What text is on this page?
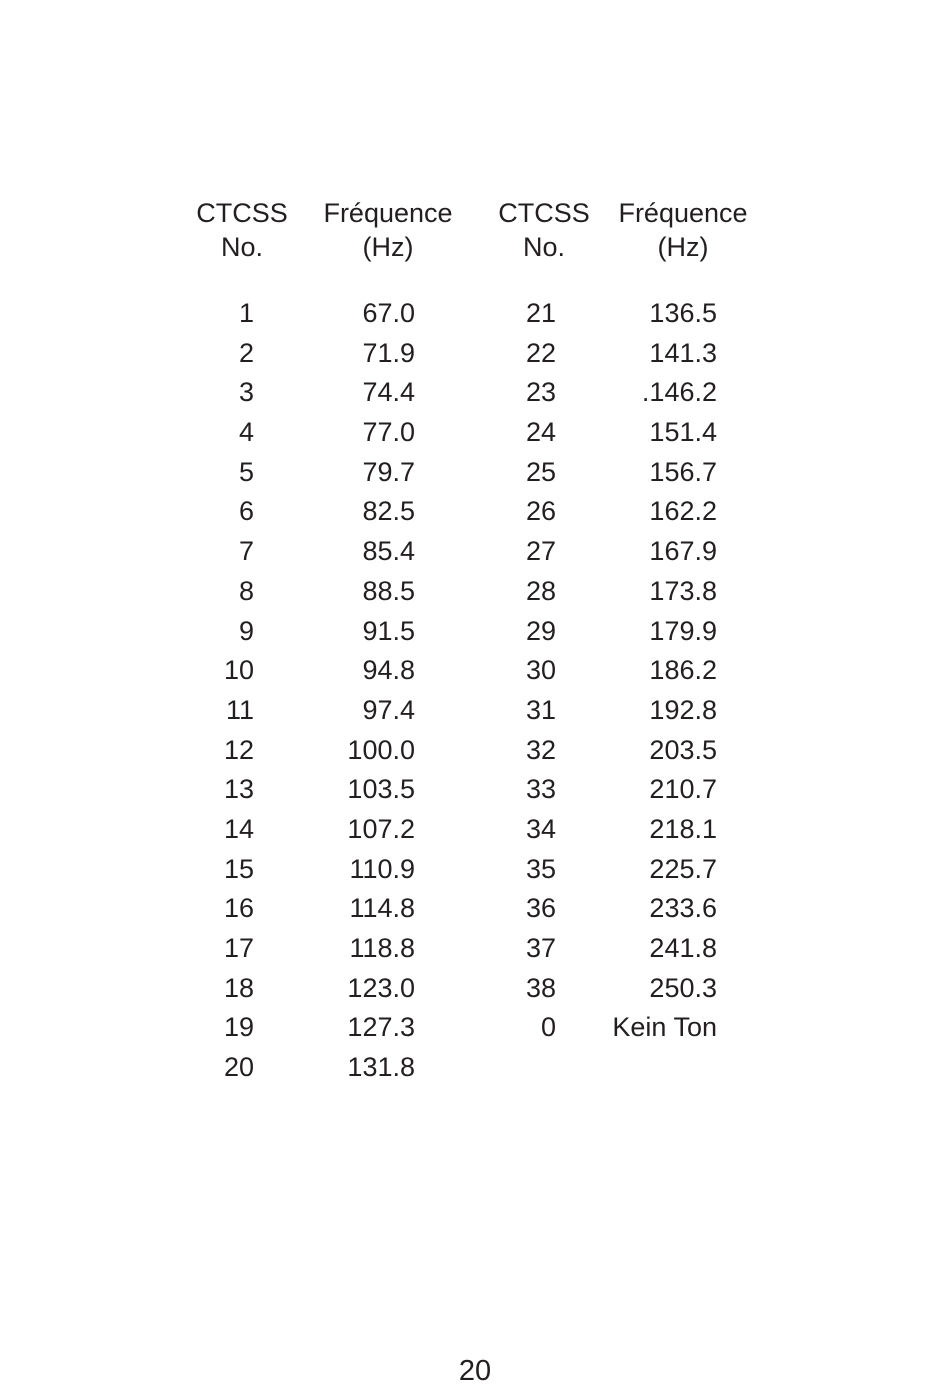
CTCSS
No.
Fréquence
(Hz)
CTCSS
No.
Fréquence
(Hz)
1
2
3
4
5
6
7
8
9
10
11
12
13
14
15
16
17
18
19
20
67.0
71.9
74.4
77.0
79.7
82.5
85.4
88.5
91.5
94.8
97.4
100.0
103.5
107.2
110.9
114.8
118.8
123.0
127.3
131.8
21
22
23
24
25
26
27
28
29
30
31
32
33
34
35
36
37
38
0
136.5
141.3
.146.2
151.4
156.7
162.2
167.9
173.8
179.9
186.2
192.8
203.5
210.7
218.1
225.7
233.6
241.8
250.3
Kein Ton
20
